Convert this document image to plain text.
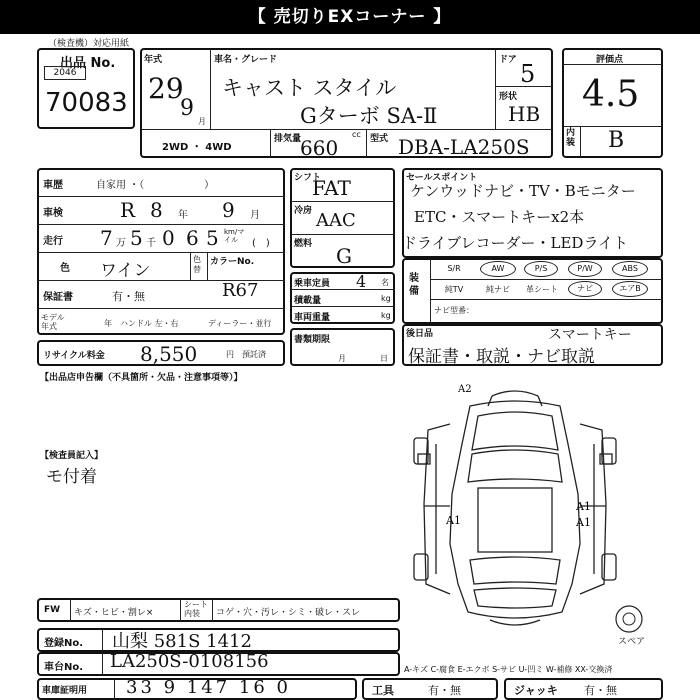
【 売切りEXコーナー 】
（検査機）対応用紙
出品 No.
2046
70083
年式
29
9
月
車名・グレード
キャスト スタイル
Gターボ SA-Ⅱ
ドア 5
形状
HB
2WD ・ 4WD
排気量	cc
660	型式 DBA-LA250S
評価点
4.5
内装 B
車歴	自家用 ・（　　　　　　）
車検	R 8 年 9 月
走行 7 万 5 千 0 6 5 km/マイル	(　)
色 ワイン
色替
カラーNo.
R67
保証書	有・無
モデル年式	年 ハンドル 左・右	ディーラー・並行
リサイクル料金 8,550	円 預託済
シフト
FAT
冷房 AAC
燃料 G
乗車定員 4 名
積載量	kg
車両重量	kg
書類期限
月	日
セールスポイント
ケンウッドナビ・TV・Bモニター
ETC・スマートキーx2本
ドライブレコーダー・LEDライト
装備
S/R	AW	P/S	P/W	ABS
純TV	純ナビ	革シート	ナビ	エアB
ナビ型番：
後日品	スマートキー
保証書・取説・ナビ取説
【出品店申告欄（不具箇所・欠品・注意事項等）】
【検査員記入】
モ付着
A2
A1
A1
A1
スペア
FW キズ・ヒビ・割レ×
シート内装	コゲ・穴・汚レ・シミ・破レ・スレ
登録No. 山梨 581S 1412
車台No. LA250S-0108156	A-キズ C-腐食 E-エクボ S-サビ U-凹ミ W-補修 XX-交換済
車庫証明用 33 9 147 16 0	工具	有・無	ジャッキ 有・無
